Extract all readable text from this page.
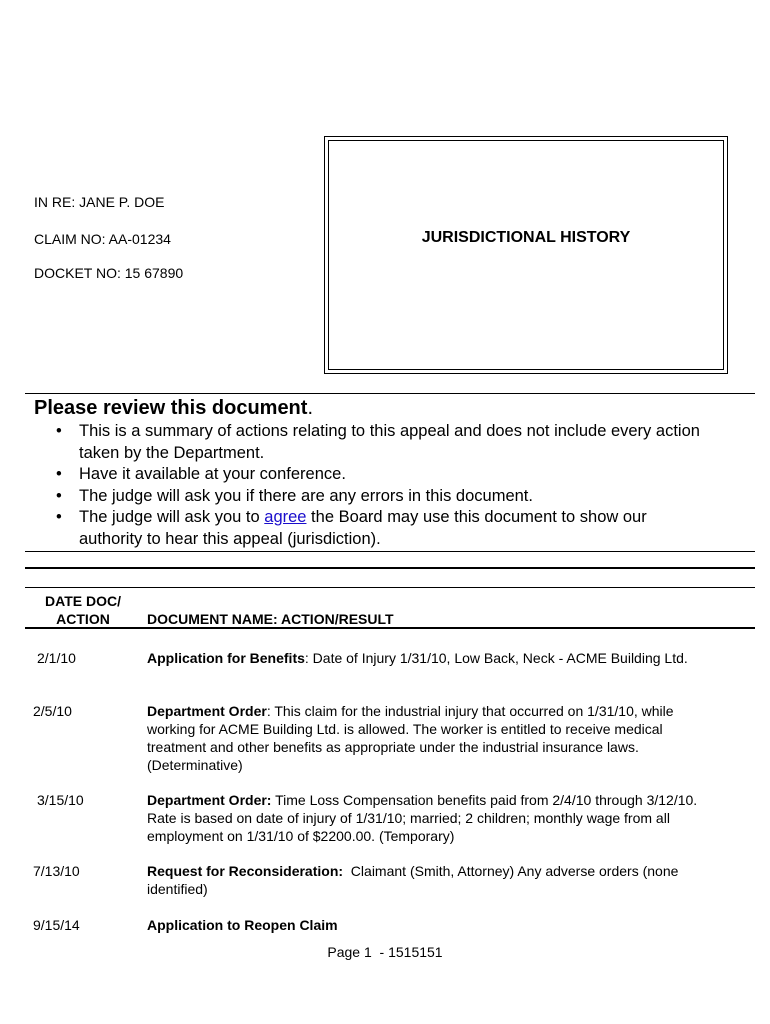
IN RE: JANE P. DOE
CLAIM NO: AA-01234
DOCKET NO: 15 67890
JURISDICTIONAL HISTORY
Please review this document.
• This is a summary of actions relating to this appeal and does not include every action taken by the Department.
• Have it available at your conference.
• The judge will ask you if there are any errors in this document.
• The judge will ask you to agree the Board may use this document to show our authority to hear this appeal (jurisdiction).
DATE DOC/
ACTION	DOCUMENT NAME: ACTION/RESULT
2/1/10	Application for Benefits: Date of Injury 1/31/10, Low Back, Neck - ACME Building Ltd.
2/5/10	Department Order: This claim for the industrial injury that occurred on 1/31/10, while working for ACME Building Ltd. is allowed. The worker is entitled to receive medical treatment and other benefits as appropriate under the industrial insurance laws. (Determinative)
3/15/10	Department Order: Time Loss Compensation benefits paid from 2/4/10 through 3/12/10. Rate is based on date of injury of 1/31/10; married; 2 children; monthly wage from all employment on 1/31/10 of $2200.00. (Temporary)
7/13/10	Request for Reconsideration:  Claimant (Smith, Attorney) Any adverse orders (none identified)
9/15/14	Application to Reopen Claim
Page 1  - 1515151
